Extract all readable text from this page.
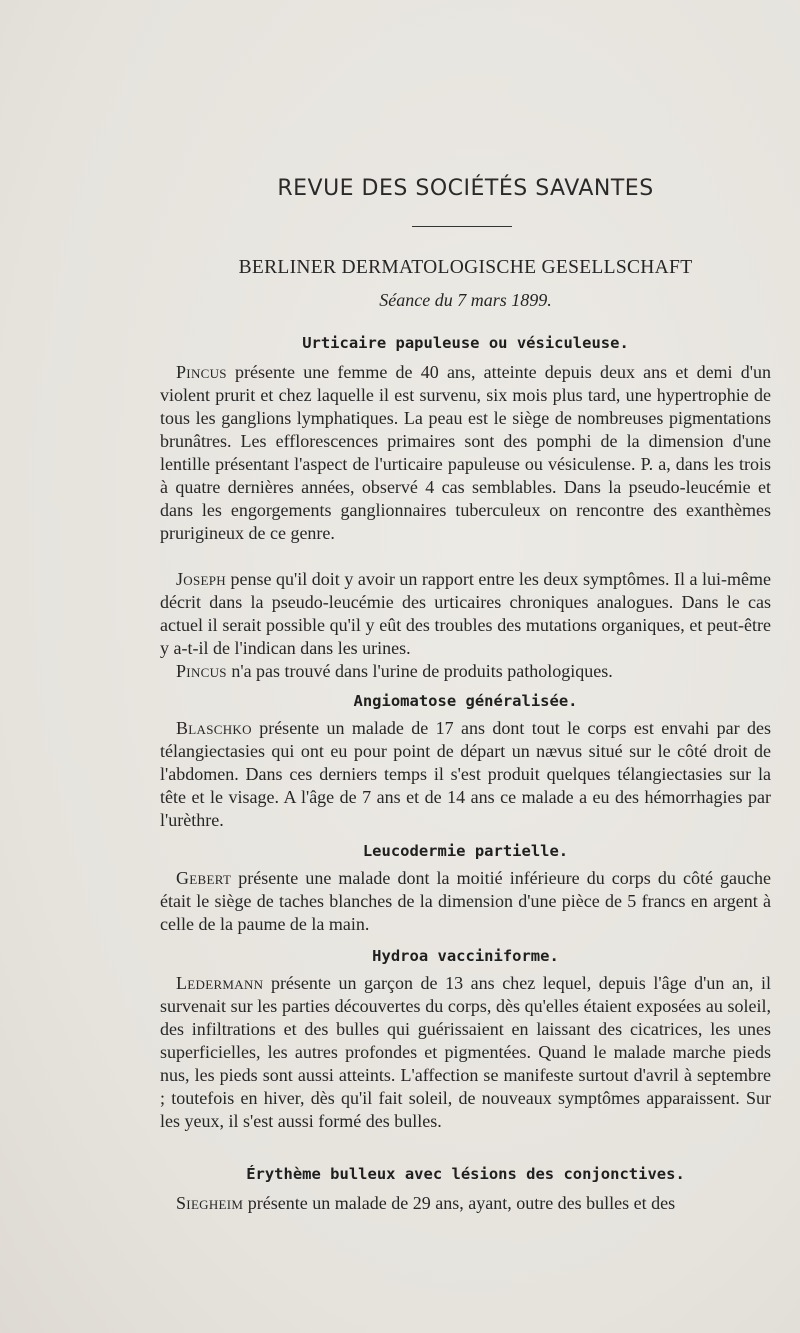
REVUE DES SOCIÉTÉS SAVANTES
BERLINER DERMATOLOGISCHE GESELLSCHAFT
Séance du 7 mars 1899.
Urticaire papuleuse ou vésiculeuse.

Pincus présente une femme de 40 ans, atteinte depuis deux ans et demi d'un violent prurit et chez laquelle il est survenu, six mois plus tard, une hypertrophie de tous les ganglions lymphatiques. La peau est le siège de nombreuses pigmentations brunâtres. Les efflorescences primaires sont des pomphi de la dimension d'une lentille présentant l'aspect de l'urticaire papuleuse ou vésiculense. P. a, dans les trois à quatre dernières années, observé 4 cas semblables. Dans la pseudo-leucémie et dans les engorgements ganglionnaires tuberculeux on rencontre des exanthèmes prurigineux de ce genre.

Joseph pense qu'il doit y avoir un rapport entre les deux symptômes. Il a lui-même décrit dans la pseudo-leucémie des urticaires chroniques analogues. Dans le cas actuel il serait possible qu'il y eût des troubles des mutations organiques, et peut-être y a-t-il de l'indican dans les urines.

Pincus n'a pas trouvé dans l'urine de produits pathologiques.

Angiomatose généralisée.

Blaschko présente un malade de 17 ans dont tout le corps est envahi par des télangiectasies qui ont eu pour point de départ un nævus situé sur le côté droit de l'abdomen. Dans ces derniers temps il s'est produit quelques télangiectasies sur la tête et le visage. A l'âge de 7 ans et de 14 ans ce malade a eu des hémorrhagies par l'urèthre.

Leucodermie partielle.

Gebert présente une malade dont la moitié inférieure du corps du côté gauche était le siège de taches blanches de la dimension d'une pièce de 5 francs en argent à celle de la paume de la main.

Hydroa vacciniforme.

Ledermann présente un garçon de 13 ans chez lequel, depuis l'âge d'un an, il survenait sur les parties découvertes du corps, dès qu'elles étaient exposées au soleil, des infiltrations et des bulles qui guérissaient en laissant des cicatrices, les unes superficielles, les autres profondes et pigmentées. Quand le malade marche pieds nus, les pieds sont aussi atteints. L'affection se manifeste surtout d'avril à septembre ; toutefois en hiver, dès qu'il fait soleil, de nouveaux symptômes apparaissent. Sur les yeux, il s'est aussi formé des bulles.

Érythème bulleux avec lésions des conjonctives.

Siegheim présente un malade de 29 ans, ayant, outre des bulles et des
